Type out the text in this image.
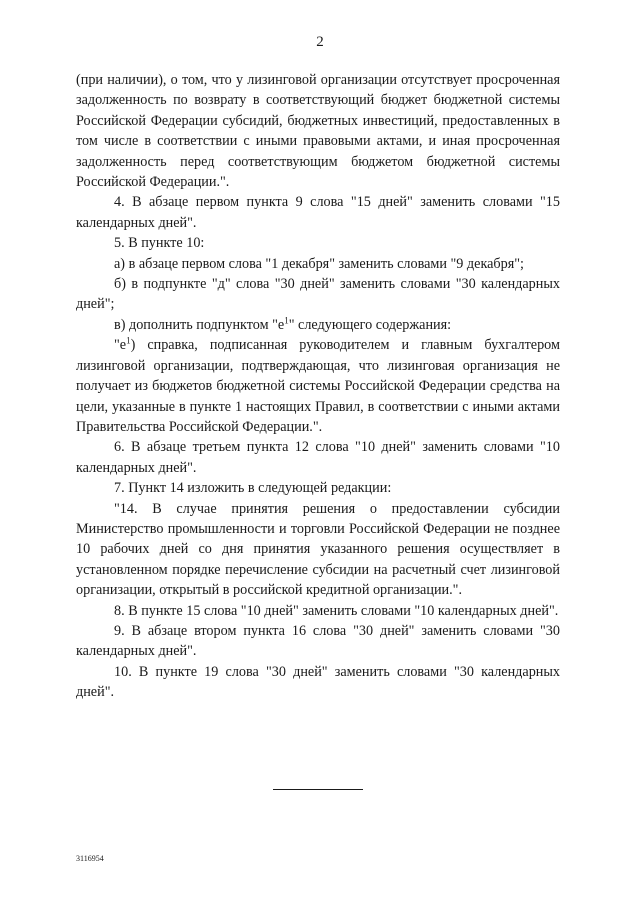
2

(при наличии), о том, что у лизинговой организации отсутствует просроченная задолженность по возврату в соответствующий бюджет бюджетной системы Российской Федерации субсидий, бюджетных инвестиций, предоставленных в том числе в соответствии с иными правовыми актами, и иная просроченная задолженность перед соответствующим бюджетом бюджетной системы Российской Федерации.".

4. В абзаце первом пункта 9 слова "15 дней" заменить словами "15 календарных дней".

5. В пункте 10:

а) в абзаце первом слова "1 декабря" заменить словами "9 декабря";

б) в подпункте "д" слова "30 дней" заменить словами "30 календарных дней";

в) дополнить подпунктом "$е^1$" следующего содержания:

"$е^1$) справка, подписанная руководителем и главным бухгалтером лизинговой организации, подтверждающая, что лизинговая организация не получает из бюджетов бюджетной системы Российской Федерации средства на цели, указанные в пункте 1 настоящих Правил, в соответствии с иными актами Правительства Российской Федерации.".

6. В абзаце третьем пункта 12 слова "10 дней" заменить словами "10 календарных дней".

7. Пункт 14 изложить в следующей редакции:

"14. В случае принятия решения о предоставлении субсидии Министерство промышленности и торговли Российской Федерации не позднее 10 рабочих дней со дня принятия указанного решения осуществляет в установленном порядке перечисление субсидии на расчетный счет лизинговой организации, открытый в российской кредитной организации.".

8. В пункте 15 слова "10 дней" заменить словами "10 календарных дней".

9. В абзаце втором пункта 16 слова "30 дней" заменить словами "30 календарных дней".

10. В пункте 19 слова "30 дней" заменить словами "30 календарных дней".

3116954
